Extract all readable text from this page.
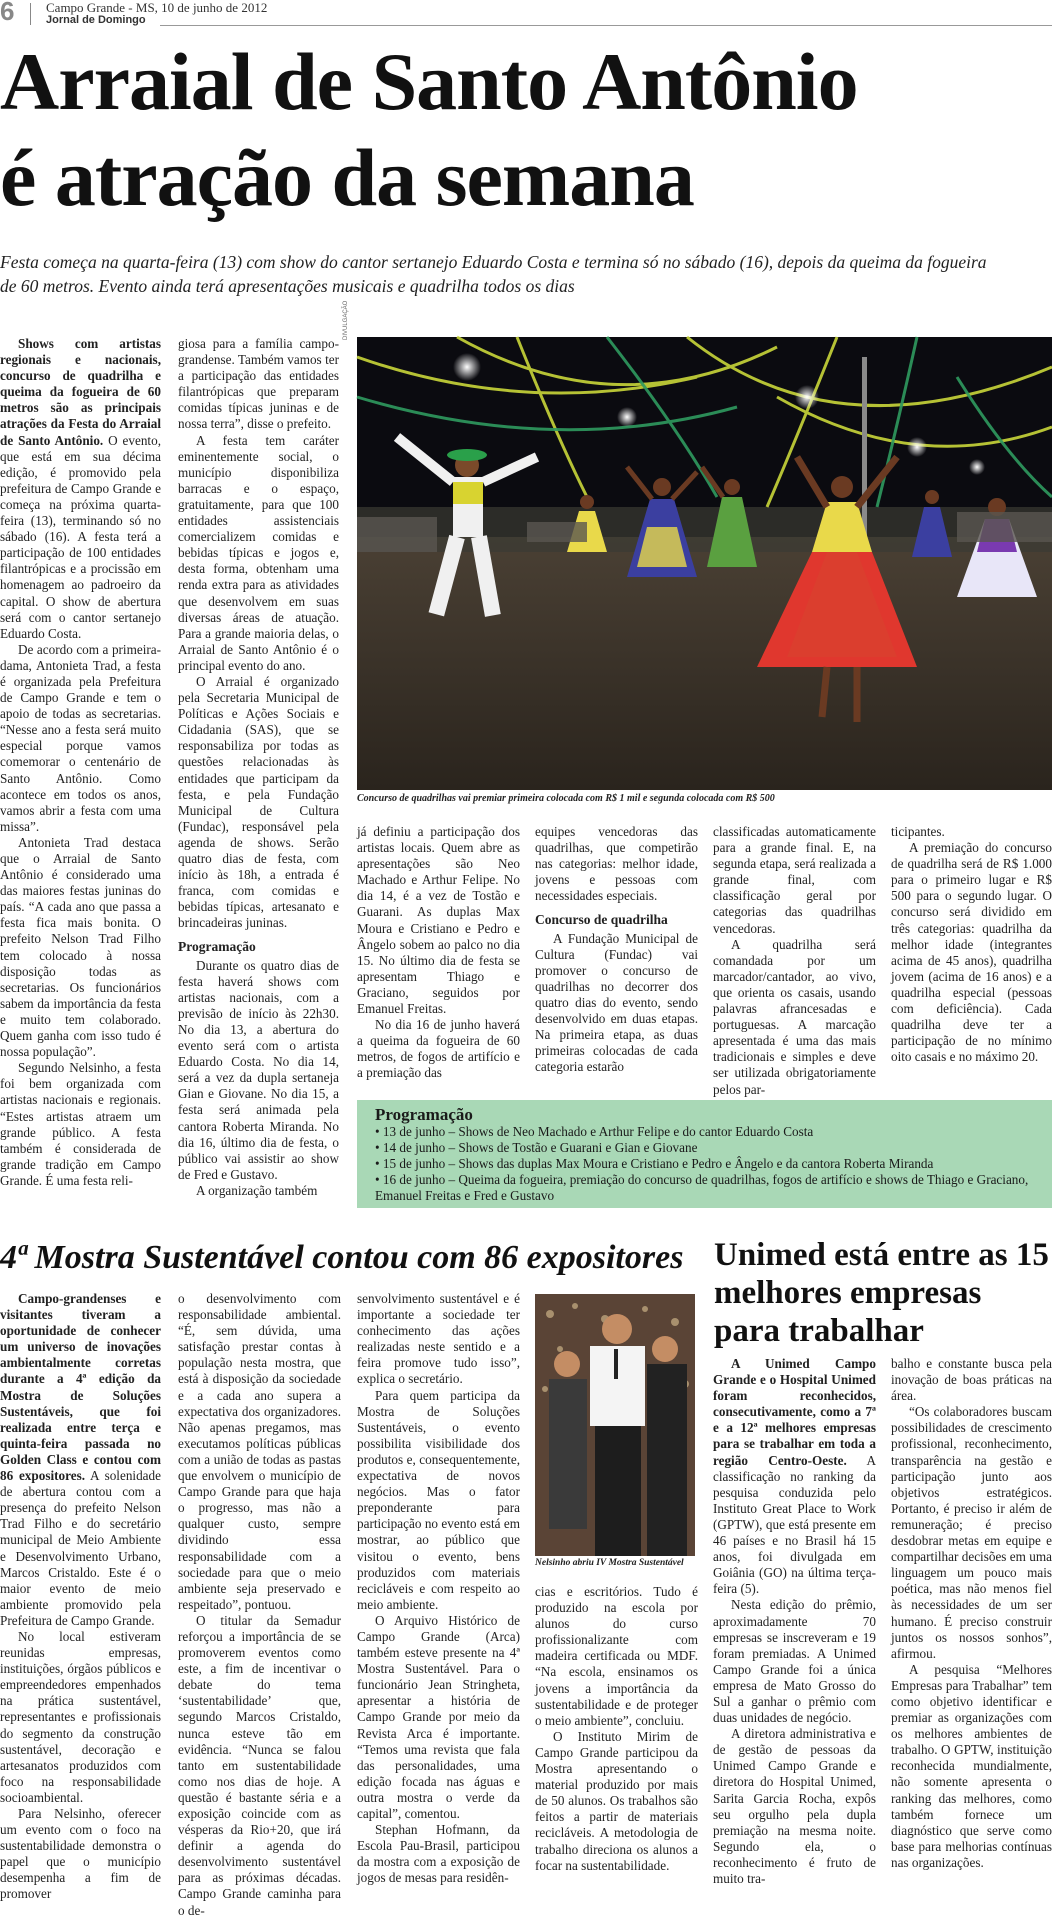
6 Campo Grande - MS, 10 de junho de 2012
Jornal de Domingo
Arraial de Santo Antônio
é atração da semana

Festa começa na quarta-feira (13) com show do cantor sertanejo Eduardo Costa e termina só no sábado (16), depois da queima da fogueira de 60 metros. Evento ainda terá apresentações musicais e quadrilha todos os dias

Shows com artistas regionais e nacionais, concurso de quadrilha e queima da fogueira de 60 metros são as principais atrações da Festa do Arraial de Santo Antônio. O evento, que está em sua décima edição, é promovido pela prefeitura de Campo Grande e começa na próxima quarta-feira (13), terminando só no sábado (16). A festa terá a participação de 100 entidades filantrópicas e a procissão em homenagem ao padroeiro da capital. O show de abertura será com o cantor sertanejo Eduardo Costa.

De acordo com a primeira-dama, Antonieta Trad, a festa é organizada pela Prefeitura de Campo Grande e tem o apoio de todas as secretarias. “Nesse ano a festa será muito especial porque vamos comemorar o centenário de Santo Antônio. Como acontece em todos os anos, vamos abrir a festa com uma missa”.

Antonieta Trad destaca que o Arraial de Santo Antônio é considerado uma das maiores festas juninas do país. “A cada ano que passa a festa fica mais bonita. O prefeito Nelson Trad Filho tem colocado à nossa disposição todas as secretarias. Os funcionários sabem da importância da festa e muito tem colaborado. Quem ganha com isso tudo é nossa população”.

Segundo Nelsinho, a festa foi bem organizada com artistas nacionais e regionais. “Estes artistas atraem um grande público. A festa também é considerada de grande tradição em Campo Grande. É uma festa reli-

giosa para a família campo-grandense. Também vamos ter a participação das entidades filantrópicas que preparam comidas típicas juninas e de nossa terra”, disse o prefeito.

A festa tem caráter eminentemente social, o município disponibiliza barracas e o espaço, gratuitamente, para que 100 entidades assistenciais comercializem comidas e bebidas típicas e jogos e, desta forma, obtenham uma renda extra para as atividades que desenvolvem em suas diversas áreas de atuação. Para a grande maioria delas, o Arraial de Santo Antônio é o principal evento do ano.

O Arraial é organizado pela Secretaria Municipal de Políticas e Ações Sociais e Cidadania (SAS), que se responsabiliza por todas as questões relacionadas às entidades que participam da festa, e pela Fundação Municipal de Cultura (Fundac), responsável pela agenda de shows. Serão quatro dias de festa, com início às 18h, a entrada é franca, com comidas e bebidas típicas, artesanato e brincadeiras juninas.

Programação

Durante os quatro dias de festa haverá shows com artistas nacionais, com a previsão de início às 22h30. No dia 13, a abertura do evento será com o artista Eduardo Costa. No dia 14, será a vez da dupla sertaneja Gian e Giovane. No dia 15, a festa será animada pela cantora Roberta Miranda. No dia 16, último dia de festa, o público vai assistir ao show de Fred e Gustavo.

A organização também

DIVULGAÇÃO

Concurso de quadrilhas vai premiar primeira colocada com R$ 1 mil e segunda colocada com R$ 500

já definiu a participação dos artistas locais. Quem abre as apresentações são Neo Machado e Arthur Felipe. No dia 14, é a vez de Tostão e Guarani. As duplas Max Moura e Cristiano e Pedro e Ângelo sobem ao palco no dia 15. No último dia de festa se apresentam Thiago e Graciano, seguidos por Emanuel Freitas.

No dia 16 de junho haverá a queima da fogueira de 60 metros, de fogos de artifício e a premiação das

equipes vencedoras das quadrilhas, que competirão nas categorias: melhor idade, jovens e pessoas com necessidades especiais.

Concurso de quadrilha

A Fundação Municipal de Cultura (Fundac) vai promover o concurso de quadrilhas no decorrer dos quatro dias do evento, sendo desenvolvido em duas etapas. Na primeira etapa, as duas primeiras colocadas de cada categoria estarão

classificadas automaticamente para a grande final. E, na segunda etapa, será realizada a grande final, com classificação geral por categorias das quadrilhas vencedoras.

A quadrilha será comandada por um marcador/cantador, ao vivo, que orienta os casais, usando palavras afrancesadas e portuguesas. A marcação apresentada é uma das mais tradicionais e simples e deve ser utilizada obrigatoriamente pelos par-

ticipantes.

A premiação do concurso de quadrilha será de R$ 1.000 para o primeiro lugar e R$ 500 para o segundo lugar. O concurso será dividido em três categorias: quadrilha da melhor idade (integrantes acima de 45 anos), quadrilha jovem (acima de 16 anos) e a quadrilha especial (pessoas com deficiência). Cada quadrilha deve ter a participação de no mínimo oito casais e no máximo 20.

Programação
• 13 de junho – Shows de Neo Machado e Arthur Felipe e do cantor Eduardo Costa
• 14 de junho – Shows de Tostão e Guarani e Gian e Giovane
• 15 de junho – Shows das duplas Max Moura e Cristiano e Pedro e Ângelo e da cantora Roberta Miranda
• 16 de junho – Queima da fogueira, premiação do concurso de quadrilhas, fogos de artifício e shows de Thiago e Graciano, Emanuel Freitas e Fred e Gustavo
4ª Mostra Sustentável contou com 86 expositores

Campo-grandenses e visitantes tiveram a oportunidade de conhecer um universo de inovações ambientalmente corretas durante a 4ª edição da Mostra de Soluções Sustentáveis, que foi realizada entre terça e quinta-feira passada no Golden Class e contou com 86 expositores. A solenidade de abertura contou com a presença do prefeito Nelson Trad Filho e do secretário municipal de Meio Ambiente e Desenvolvimento Urbano, Marcos Cristaldo. Este é o maior evento de meio ambiente promovido pela Prefeitura de Campo Grande.

No local estiveram reunidas empresas, instituições, órgãos públicos e empreendedores empenhados na prática sustentável, representantes e profissionais do segmento da construção sustentável, decoração e artesanatos produzidos com foco na responsabilidade socioambiental.

Para Nelsinho, oferecer um evento com o foco na sustentabilidade demonstra o papel que o município desempenha a fim de promover

o desenvolvimento com responsabilidade ambiental. “É, sem dúvida, uma satisfação prestar contas à população nesta mostra, que está à disposição da sociedade e a cada ano supera a expectativa dos organizadores. Não apenas pregamos, mas executamos políticas públicas com a união de todas as pastas que envolvem o município de Campo Grande para que haja o progresso, mas não a qualquer custo, sempre dividindo essa responsabilidade com a sociedade para que o meio ambiente seja preservado e respeitado”, pontuou.

O titular da Semadur reforçou a importância de se promoverem eventos como este, a fim de incentivar o debate do tema ‘sustentabilidade’ que, segundo Marcos Cristaldo, nunca esteve tão em evidência. “Nunca se falou tanto em sustentabilidade como nos dias de hoje. A questão é bastante séria e a exposição coincide com as vésperas da Rio+20, que irá definir a agenda do desenvolvimento sustentável para as próximas décadas. Campo Grande caminha para o de-

senvolvimento sustentável e é importante a sociedade ter conhecimento das ações realizadas neste sentido e a feira promove tudo isso”, explica o secretário.

Para quem participa da Mostra de Soluções Sustentáveis, o evento possibilita visibilidade dos produtos e, consequentemente, expectativa de novos negócios. Mas o fator preponderante para participação no evento está em mostrar, ao público que visitou o evento, bens produzidos com materiais recicláveis e com respeito ao meio ambiente.

O Arquivo Histórico de Campo Grande (Arca) também esteve presente na 4ª Mostra Sustentável. Para o funcionário Jean Stringheta, apresentar a história de Campo Grande por meio da Revista Arca é importante. “Temos uma revista que fala das personalidades, uma edição focada nas águas e outra mostra o verde da capital”, comentou.

Stephan Hofmann, da Escola Pau-Brasil, participou da mostra com a exposição de jogos de mesas para residên-

Nelsinho abriu IV Mostra Sustentável

cias e escritórios. Tudo é produzido na escola por alunos do curso profissionalizante com madeira certificada ou MDF. “Na escola, ensinamos os jovens a importância da sustentabilidade e de proteger o meio ambiente”, concluiu.

O Instituto Mirim de Campo Grande participou da Mostra apresentando o material produzido por mais de 50 alunos. Os trabalhos são feitos a partir de materiais recicláveis. A metodologia de trabalho direciona os alunos a focar na sustentabilidade.

Unimed está entre as 15 melhores empresas para trabalhar

A Unimed Campo Grande e o Hospital Unimed foram reconhecidos, consecutivamente, como a 7ª e a 12ª melhores empresas para se trabalhar em toda a região Centro-Oeste. A classificação no ranking da pesquisa conduzida pelo Instituto Great Place to Work (GPTW), que está presente em 46 países e no Brasil há 15 anos, foi divulgada em Goiânia (GO) na última terça-feira (5).

Nesta edição do prêmio, aproximadamente 70 empresas se inscreveram e 19 foram premiadas. A Unimed Campo Grande foi a única empresa de Mato Grosso do Sul a ganhar o prêmio com duas unidades de negócio.

A diretora administrativa e de gestão de pessoas da Unimed Campo Grande e diretora do Hospital Unimed, Sarita Garcia Rocha, expôs seu orgulho pela dupla premiação na mesma noite. Segundo ela, o reconhecimento é fruto de muito tra-

balho e constante busca pela inovação de boas práticas na área.

“Os colaboradores buscam possibilidades de crescimento profissional, reconhecimento, transparência na gestão e participação junto aos objetivos estratégicos. Portanto, é preciso ir além de remuneração; é preciso desdobrar metas em equipe e compartilhar decisões em uma linguagem um pouco mais poética, mas não menos fiel às necessidades de um ser humano. É preciso construir juntos os nossos sonhos”, afirmou.

A pesquisa “Melhores Empresas para Trabalhar” tem como objetivo identificar e premiar as organizações com os melhores ambientes de trabalho. O GPTW, instituição reconhecida mundialmente, não somente apresenta o ranking das melhores, como também fornece um diagnóstico que serve como base para melhorias contínuas nas organizações.
